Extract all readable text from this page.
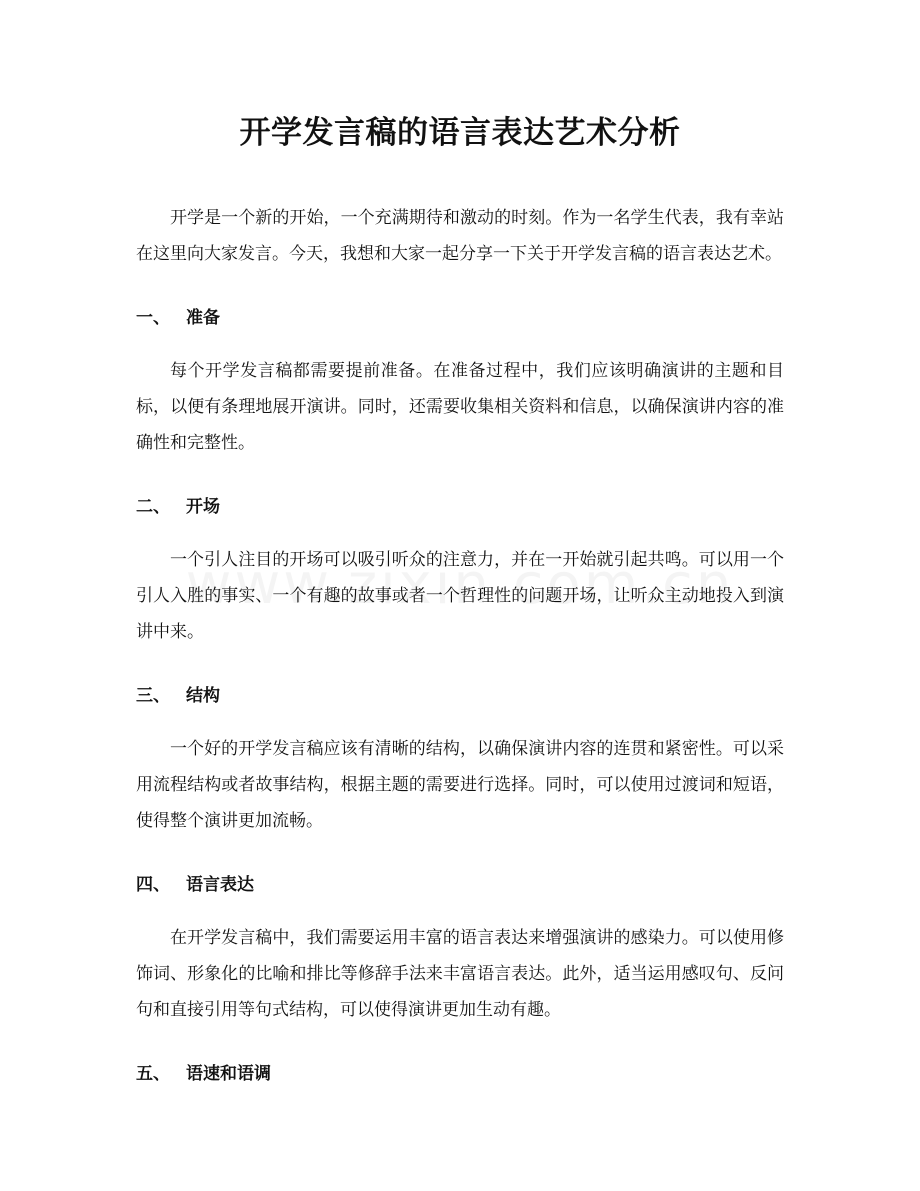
开学发言稿的语言表达艺术分析

开学是一个新的开始，一个充满期待和激动的时刻。作为一名学生代表，我有幸站在这里向大家发言。今天，我想和大家一起分享一下关于开学发言稿的语言表达艺术。

一、 准备

每个开学发言稿都需要提前准备。在准备过程中，我们应该明确演讲的主题和目标，以便有条理地展开演讲。同时，还需要收集相关资料和信息，以确保演讲内容的准确性和完整性。

二、 开场

一个引人注目的开场可以吸引听众的注意力，并在一开始就引起共鸣。可以用一个引人入胜的事实、一个有趣的故事或者一个哲理性的问题开场，让听众主动地投入到演讲中来。

三、 结构

一个好的开学发言稿应该有清晰的结构，以确保演讲内容的连贯和紧密性。可以采用流程结构或者故事结构，根据主题的需要进行选择。同时，可以使用过渡词和短语，使得整个演讲更加流畅。

四、 语言表达

在开学发言稿中，我们需要运用丰富的语言表达来增强演讲的感染力。可以使用修饰词、形象化的比喻和排比等修辞手法来丰富语言表达。此外，适当运用感叹句、反问句和直接引用等句式结构，可以使得演讲更加生动有趣。

五、 语速和语调
